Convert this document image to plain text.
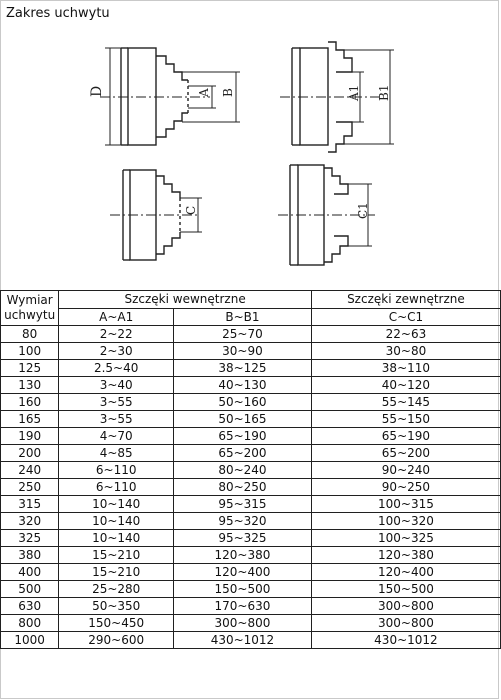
Zakres uchwytu
D	A B	A1 B1
C	C1
Wymiar
uchwytu	Szczęki wewnętrzne		Szczęki zewnętrzne
	A~A1	B~B1	C~C1
80	2~22	25~70	22~63
100	2~30	30~90	30~80
125	2.5~40	38~125	38~110
130	3~40	40~130	40~120
160	3~55	50~160	55~145
165	3~55	50~165	55~150
190	4~70	65~190	65~190
200	4~85	65~200	65~200
240	6~110	80~240	90~240
250	6~110	80~250	90~250
315	10~140	95~315	100~315
320	10~140	95~320	100~320
325	10~140	95~325	100~325
380	15~210	120~380	120~380
400	15~210	120~400	120~400
500	25~280	150~500	150~500
630	50~350	170~630	300~800
800	150~450	300~800	300~800
1000	290~600	430~1012	430~1012
